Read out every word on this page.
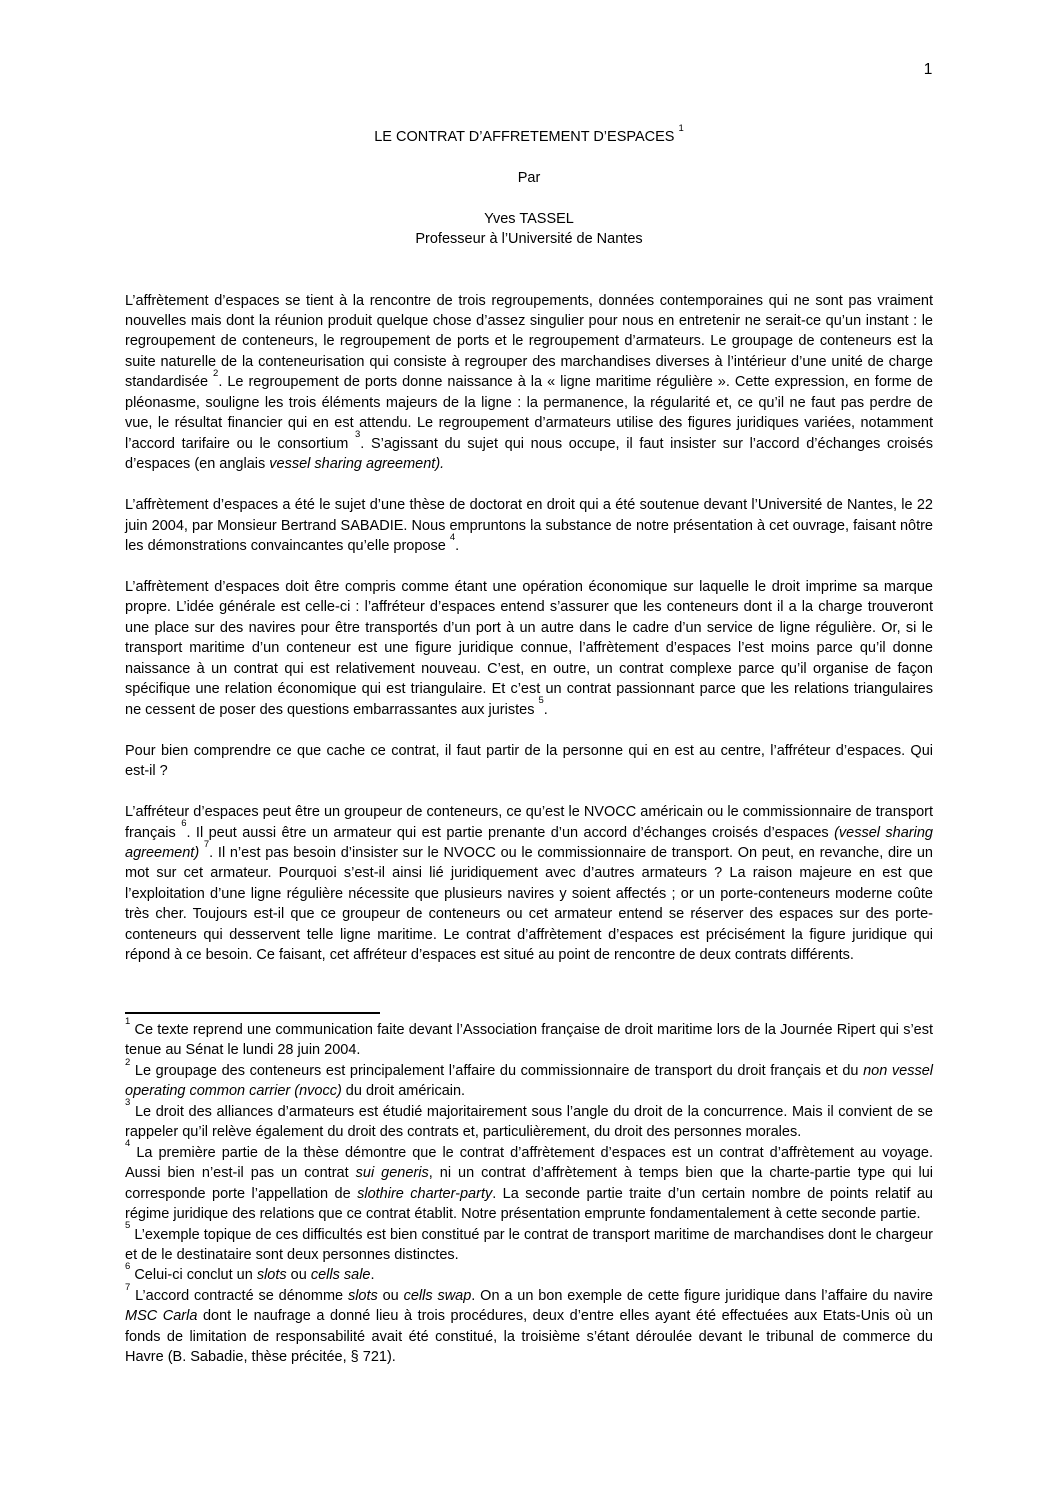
1
LE CONTRAT D’AFFRETEMENT D’ESPACES $^1$
Par
Yves TASSEL
Professeur à l’Université de Nantes

L’affrètement d’espaces se tient à la rencontre de trois regroupements, données contemporaines qui ne sont pas vraiment nouvelles mais dont la réunion produit quelque chose d’assez singulier pour nous en entretenir ne serait-ce qu’un instant : le regroupement de conteneurs, le regroupement de ports et le regroupement d’armateurs. Le groupage de conteneurs est la suite naturelle de la conteneurisation qui consiste à regrouper des marchandises diverses à l’intérieur d’une unité de charge standardisée $^2$. Le regroupement de ports donne naissance à la « ligne maritime régulière ». Cette expression, en forme de pléonasme, souligne les trois éléments majeurs de la ligne : la permanence, la régularité et, ce qu’il ne faut pas perdre de vue, le résultat financier qui en est attendu. Le regroupement d’armateurs utilise des figures juridiques variées, notamment l’accord tarifaire ou le consortium $^3$. S’agissant du sujet qui nous occupe, il faut insister sur l’accord d’échanges croisés d’espaces (en anglais vessel sharing agreement).

L’affrètement d’espaces a été le sujet d’une thèse de doctorat en droit qui a été soutenue devant l’Université de Nantes, le 22 juin 2004, par Monsieur Bertrand SABADIE. Nous empruntons la substance de notre présentation à cet ouvrage, faisant nôtre les démonstrations convaincantes qu’elle propose $^4$.

L’affrètement d’espaces doit être compris comme étant une opération économique sur laquelle le droit imprime sa marque propre. L’idée générale est celle-ci : l’affréteur d’espaces entend s’assurer que les conteneurs dont il a la charge trouveront une place sur des navires pour être transportés d’un port à un autre dans le cadre d’un service de ligne régulière. Or, si le transport maritime d’un conteneur est une figure juridique connue, l’affrètement d’espaces l’est moins parce qu’il donne naissance à un contrat qui est relativement nouveau. C’est, en outre, un contrat complexe parce qu’il organise de façon spécifique une relation économique qui est triangulaire. Et c’est un contrat passionnant parce que les relations triangulaires ne cessent de poser des questions embarrassantes aux juristes $^5$.

Pour bien comprendre ce que cache ce contrat, il faut partir de la personne qui en est au centre, l’affréteur d’espaces. Qui est-il ?

L’affréteur d’espaces peut être un groupeur de conteneurs, ce qu’est le NVOCC américain ou le commissionnaire de transport français $^6$. Il peut aussi être un armateur qui est partie prenante d’un accord d’échanges croisés d’espaces (vessel sharing agreement) $^7$. Il n’est pas besoin d’insister sur le NVOCC ou le commissionnaire de transport. On peut, en revanche, dire un mot sur cet armateur. Pourquoi s’est-il ainsi lié juridiquement avec d’autres armateurs ? La raison majeure en est que l’exploitation d’une ligne régulière nécessite que plusieurs navires y soient affectés ; or un porte-conteneurs moderne coûte très cher. Toujours est-il que ce groupeur de conteneurs ou cet armateur entend se réserver des espaces sur des porte-conteneurs qui desservent telle ligne maritime. Le contrat d’affrètement d’espaces est précisément la figure juridique qui répond à ce besoin. Ce faisant, cet affréteur d’espaces est situé au point de rencontre de deux contrats différents.

$^1$ Ce texte reprend une communication faite devant l’Association française de droit maritime lors de la Journée Ripert qui s’est tenue au Sénat le lundi 28 juin 2004.
$^2$ Le groupage des conteneurs est principalement l’affaire du commissionnaire de transport du droit français et du non vessel operating common carrier (nvocc) du droit américain.
$^3$ Le droit des alliances d’armateurs est étudié majoritairement sous l’angle du droit de la concurrence. Mais il convient de se rappeler qu’il relève également du droit des contrats et, particulièrement, du droit des personnes morales.
$^4$ La première partie de la thèse démontre que le contrat d’affrètement d’espaces est un contrat d’affrètement au voyage. Aussi bien n’est-il pas un contrat sui generis, ni un contrat d’affrètement à temps bien que la charte-partie type qui lui corresponde porte l’appellation de slothire charter-party. La seconde partie traite d’un certain nombre de points relatif au régime juridique des relations que ce contrat établit. Notre présentation emprunte fondamentalement à cette seconde partie.
$^5$ L’exemple topique de ces difficultés est bien constitué par le contrat de transport maritime de marchandises dont le chargeur et de le destinataire sont deux personnes distinctes.
$^6$ Celui-ci conclut un slots ou cells sale.
$^7$ L’accord contracté se dénomme slots ou cells swap. On a un bon exemple de cette figure juridique dans l’affaire du navire MSC Carla dont le naufrage a donné lieu à trois procédures, deux d’entre elles ayant été effectuées aux Etats-Unis où un fonds de limitation de responsabilité avait été constitué, la troisième s’étant déroulée devant le tribunal de commerce du Havre (B. Sabadie, thèse précitée, § 721).
